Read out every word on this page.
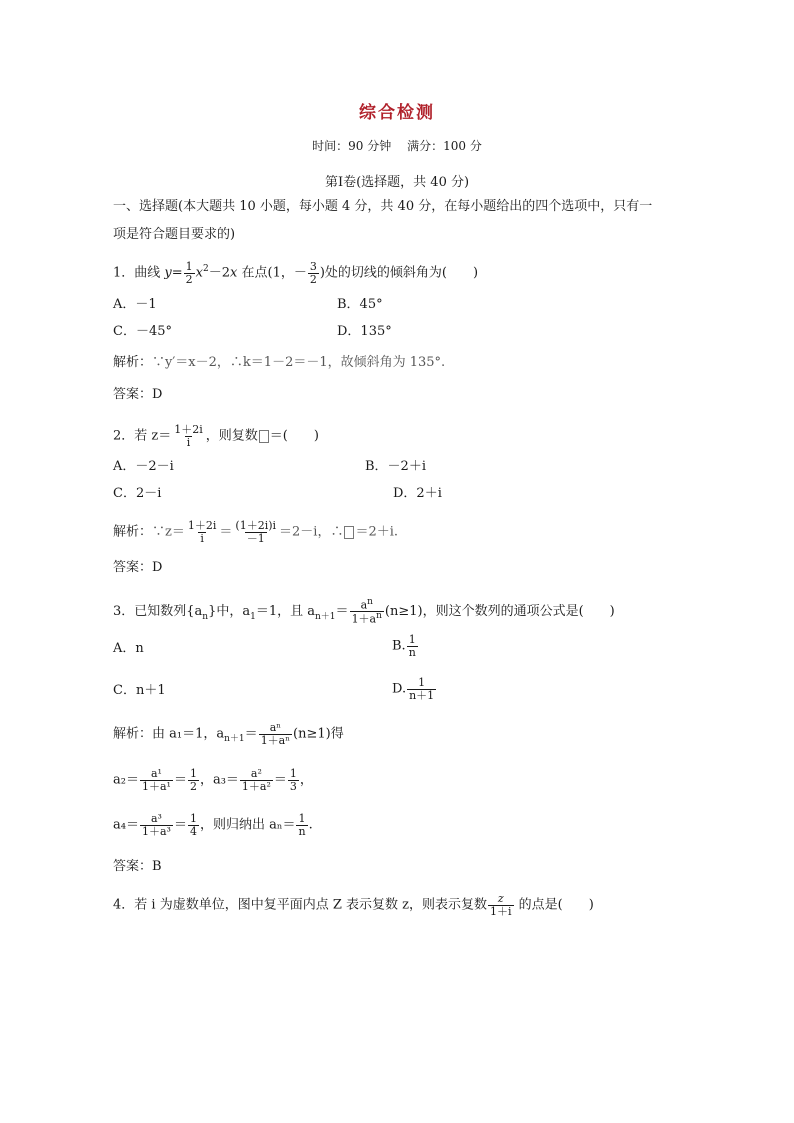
综合检测
时间：90 分钟 满分：100 分
第Ⅰ卷(选择题，共 40 分)
一、选择题(本大题共 10 小题，每小题 4 分，共 40 分，在每小题给出的四个选项中，只有一
项是符合题目要求的)
1．曲线 $y= \frac{1}{2} x^2-2x$ 在点(1，－ $\frac{3}{2}$ )处的切线的倾斜角为(　　)
A．－1	B．45°
C．－45°	D．135°
解析：∵y′＝x－2，∴k＝1－2＝－1，故倾斜角为 135°.
答案：D
2．若 $z= \frac{1+2i}{i}$ ，则复数 ＝(　　)
A．－2－i	B．－2＋i
C．2－i	D．2＋i
解析：∵z＝ $\frac{1+2i}{i} = \frac{(1+2i)i}{-1} =2-i$，∴ ＝2＋i.
答案：D
3．已知数列$\{a_n\}$中，$a_1=1$，且 $a_{n+1}= \frac{a^n}{1+a^n} (n\ge 1)$，则这个数列的通项公式是(　　)
A．n	B. $\frac{1}{n}$
C．n＋1	D. $\frac{1}{n+1}$
解析：由 a₁＝1，$a_{n+1}= \frac{\text{aⁿ}}{\text{1＋aⁿ}} (n\ge 1)$得
$a_2= \frac{\text{a¹}}{\text{1＋a¹}} = \frac{1}{2}$ ，$a_3= \frac{\text{a²}}{\text{1＋a²}} = \frac{1}{3}$ ，
$a_4= \frac{\text{a³}}{\text{1＋a³}} = \frac{1}{4}$ ，则归纳出 $a_n= \frac{1}{n}$ .
答案：B
4．若 i 为虚数单位，图中复平面内点 Z 表示复数 z，则表示复数 $\frac{z}{1+i}$ 的点是(　　)
